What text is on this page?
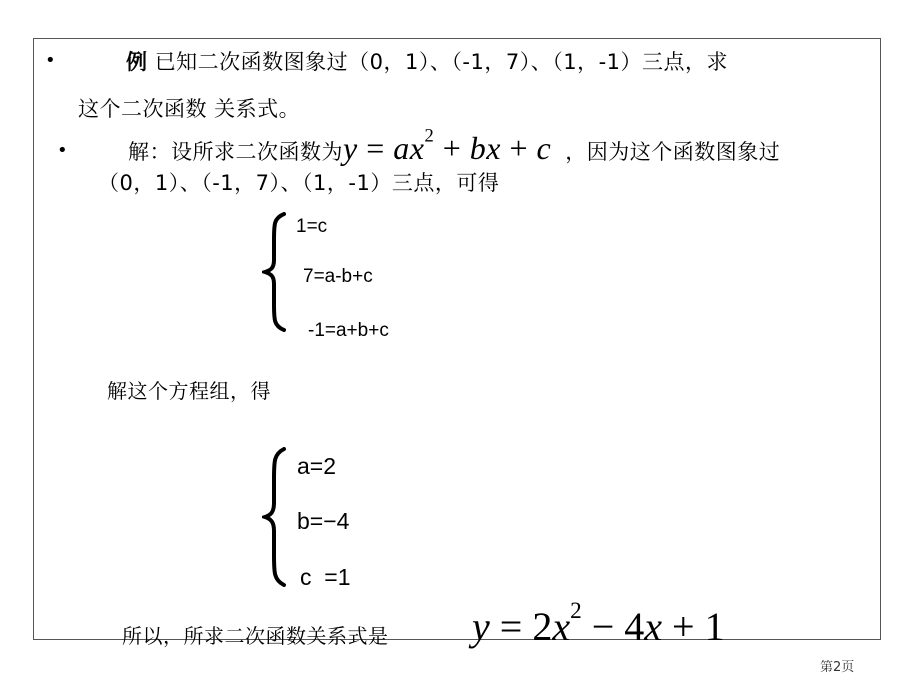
•	例 已知二次函数图象过（0，1）、（-1，7）、（1，-1）三点，求
这个二次函数 关系式。
•	解：设所求二次函数为$y = ax^2$ + bx + c ，因为这个函数图象过
（0，1）、（-1，7）、（1，-1）三点，可得
1=c
7=a-b+c
-1=a+b+c
解这个方程组，得
a=2
b=−4
c  =1
所以，所求二次函数关系式是 $y = 2x^2 - 4x + 1$
第2页
